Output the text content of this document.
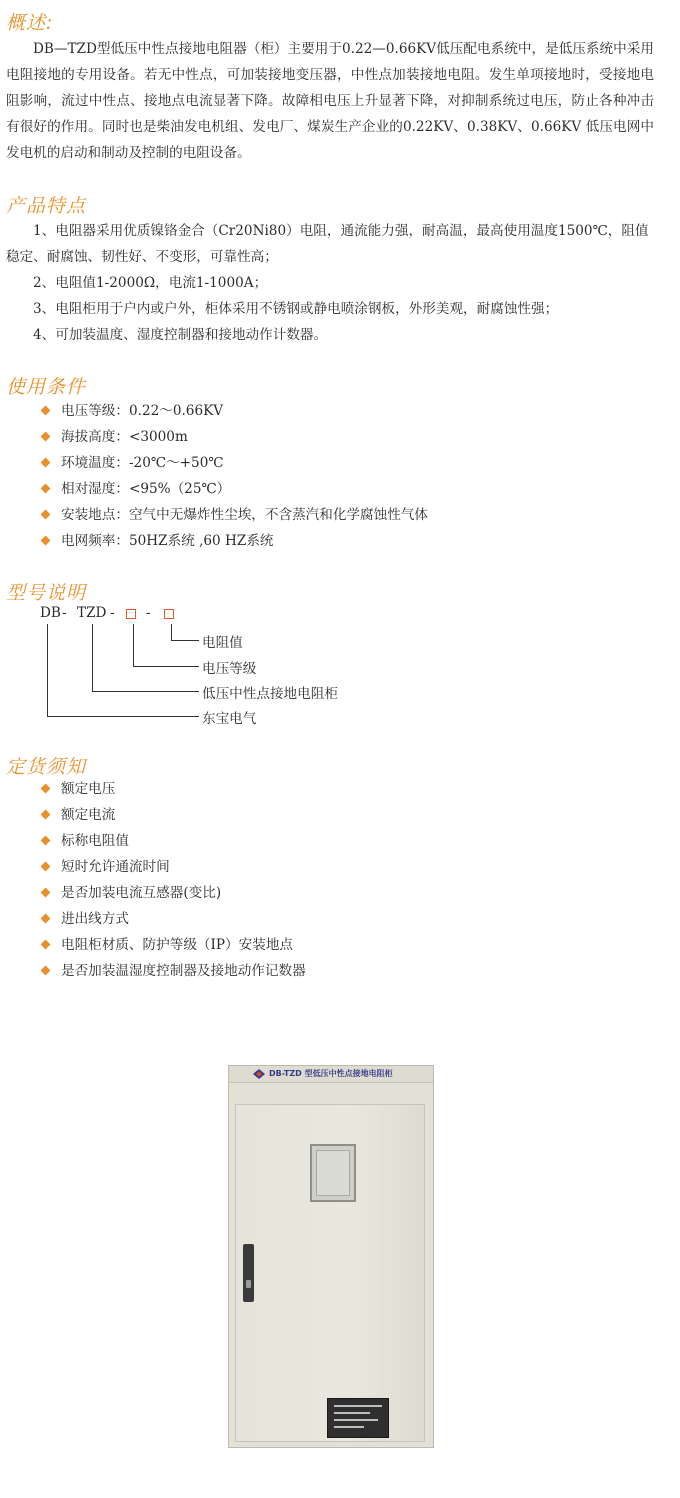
概述:

DB—TZD型低压中性点接地电阻器（柜）主要用于0.22—0.66KV低压配电系统中，是低压系统中采用电阻接地的专用设备。若无中性点，可加装接地变压器，中性点加装接地电阻。发生单项接地时，受接地电阻影响，流过中性点、接地点电流显著下降。故障相电压上升显著下降，对抑制系统过电压，防止各种冲击有很好的作用。同时也是柴油发电机组、发电厂、煤炭生产企业的0.22KV、0.38KV、0.66KV 低压电网中发电机的启动和制动及控制的电阻设备。

产品特点

1、电阻器采用优质镍铬金合（Cr20Ni80）电阻，通流能力强，耐高温，最高使用温度1500℃，阻值稳定、耐腐蚀、韧性好、不变形，可靠性高；

2、电阻值1-2000Ω，电流1-1000A；

3、电阻柜用于户内或户外，柜体采用不锈钢或静电喷涂钢板，外形美观，耐腐蚀性强；

4、可加装温度、湿度控制器和接地动作计数器。

使用条件
电压等级：0.22～0.66KV
海拔高度：<3000m
环境温度：-20℃～+50℃
相对湿度：<95%（25℃）
安装地点：空气中无爆炸性尘埃，不含蒸汽和化学腐蚀性气体
电网频率：50HZ系统 ,60 HZ系统
型号说明
DB - TZD - -
电阻值
电压等级
低压中性点接地电阻柜
东宝电气
定货须知
额定电压
额定电流
标称电阻值
短时允许通流时间
是否加装电流互感器(变比)
进出线方式
电阻柜材质、防护等级（IP）安装地点
是否加装温湿度控制器及接地动作记数器
DB-TZD 型低压中性点接地电阻柜
